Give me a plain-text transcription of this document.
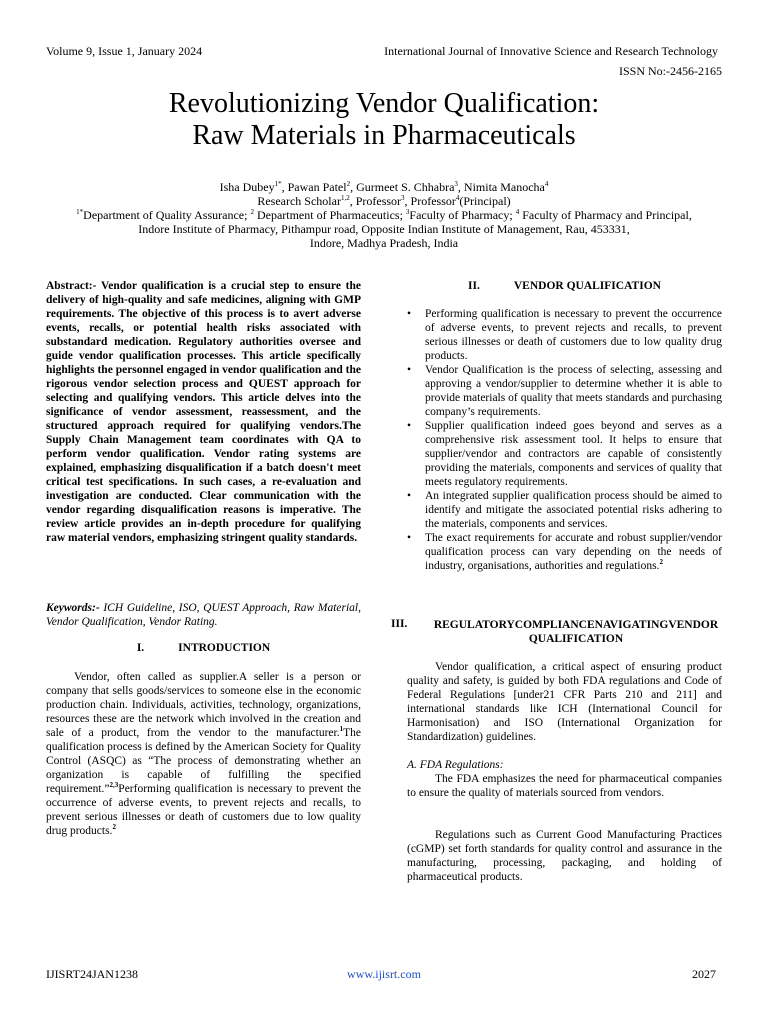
Volume 9, Issue 1, January 2024	International Journal of Innovative Science and Research Technology
ISSN No:-2456-2165
Revolutionizing Vendor Qualification:
Raw Materials in Pharmaceuticals
Isha Dubey$^{1*}$, Pawan Patel$^2$, Gurmeet S. Chhabra$^3$, Nimita Manocha$^4$
Research Scholar$^{1,2}$, Professor$^3$, Professor$^4$(Principal)
$^{1*}$Department of Quality Assurance; $^2$ Department of Pharmaceutics; $^3$Faculty of Pharmacy; $^4$ Faculty of Pharmacy and Principal,
Indore Institute of Pharmacy, Pithampur road, Opposite Indian Institute of Management, Rau, 453331,
Indore, Madhya Pradesh, India
Abstract:- Vendor qualification is a crucial step to ensure the delivery of high-quality and safe medicines, aligning with GMP requirements. The objective of this process is to avert adverse events, recalls, or potential health risks associated with substandard medication. Regulatory authorities oversee and guide vendor qualification processes. This article specifically highlights the personnel engaged in vendor qualification and the rigorous vendor selection process and QUEST approach for selecting and qualifying vendors. This article delves into the significance of vendor assessment, reassessment, and the structured approach required for qualifying vendors.The Supply Chain Management team coordinates with QA to perform vendor qualification. Vendor rating systems are explained, emphasizing disqualification if a batch doesn't meet critical test specifications. In such cases, a re-evaluation and investigation are conducted. Clear communication with the vendor regarding disqualification reasons is imperative. The review article provides an in-depth procedure for qualifying raw material vendors, emphasizing stringent quality standards.
Keywords:- ICH Guideline, ISO, QUEST Approach, Raw Material, Vendor Qualification, Vendor Rating.
I.	INTRODUCTION
Vendor, often called as supplier.A seller is a person or company that sells goods/services to someone else in the economic production chain. Individuals, activities, technology, organizations, resources these are the network which involved in the creation and sale of a product, from the vendor to the manufacturer.$^1$The qualification process is defined by the American Society for Quality Control (ASQC) as “The process of demonstrating whether an organization is capable of fulfilling the specified requirement.”$^{2,3}$Performing qualification is necessary to prevent the occurrence of adverse events, to prevent rejects and recalls, to prevent serious illnesses or death of customers due to low quality drug products.$^2$
II.	VENDOR QUALIFICATION
• Performing qualification is necessary to prevent the occurrence of adverse events, to prevent rejects and recalls, to prevent serious illnesses or death of customers due to low quality drug products.
• Vendor Qualification is the process of selecting, assessing and approving a vendor/supplier to determine whether it is able to provide materials of quality that meets standards and purchasing company’s requirements.
• Supplier qualification indeed goes beyond and serves as a comprehensive risk assessment tool. It helps to ensure that supplier/vendor and contractors are capable of consistently providing the materials, components and services of quality that meets regulatory requirements.
• An integrated supplier qualification process should be aimed to identify and mitigate the associated potential risks adhering to the materials, components and services.
• The exact requirements for accurate and robust supplier/vendor qualification process can vary depending on the needs of industry, organisations, authorities and regulations.$^2$
III.	REGULATORYCOMPLIANCENAVIGATINGVENDORQUALIFICATION
Vendor qualification, a critical aspect of ensuring product quality and safety, is guided by both FDA regulations and Code of Federal Regulations [under21 CFR Parts 210 and 211] and international standards like ICH (International Council for Harmonisation) and ISO (International Organization for Standardization) guidelines.
A. FDA Regulations:
The FDA emphasizes the need for pharmaceutical companies to ensure the quality of materials sourced from vendors.
Regulations such as Current Good Manufacturing Practices (cGMP) set forth standards for quality control and assurance in the manufacturing, processing, packaging, and holding of pharmaceutical products.
IJISRT24JAN1238	www.ijisrt.com	2027
